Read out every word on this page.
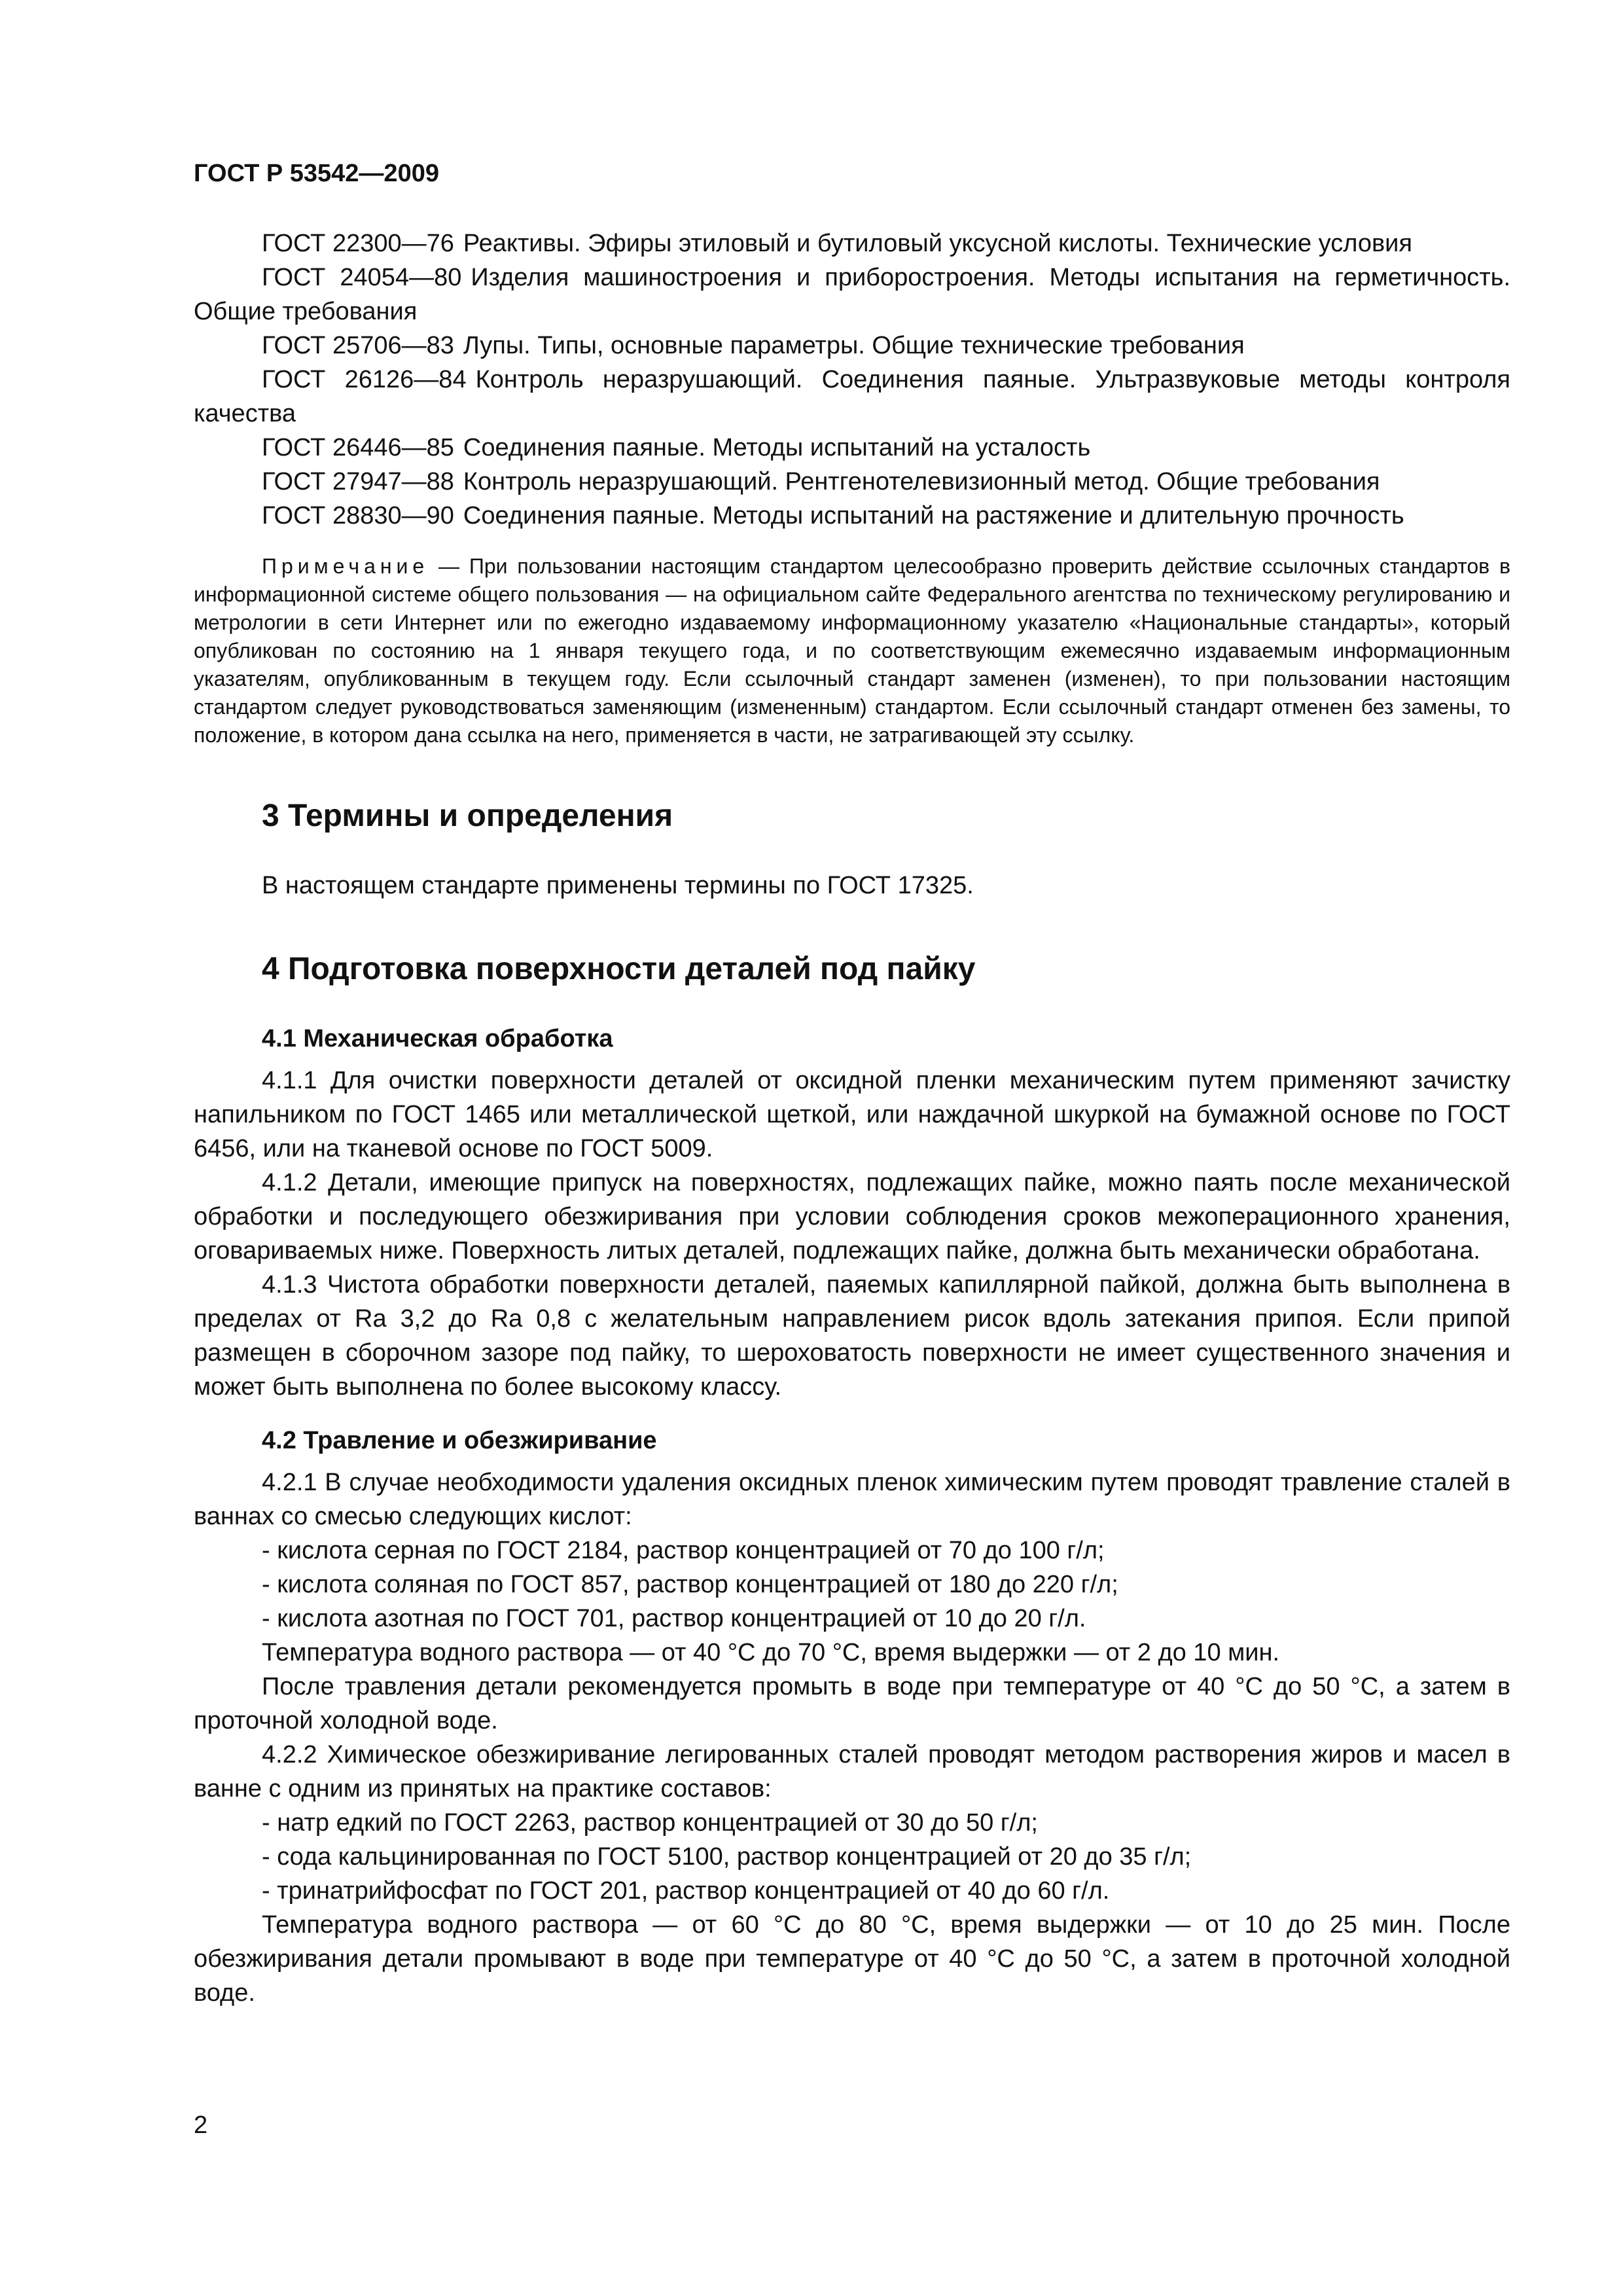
ГОСТ Р 53542—2009

ГОСТ 22300—76 Реактивы. Эфиры этиловый и бутиловый уксусной кислоты. Технические условия

ГОСТ 24054—80 Изделия машиностроения и приборостроения. Методы испытания на герметичность. Общие требования

ГОСТ 25706—83 Лупы. Типы, основные параметры. Общие технические требования

ГОСТ 26126—84 Контроль неразрушающий. Соединения паяные. Ультразвуковые методы контроля качества

ГОСТ 26446—85 Соединения паяные. Методы испытаний на усталость

ГОСТ 27947—88 Контроль неразрушающий. Рентгенотелевизионный метод. Общие требования

ГОСТ 28830—90 Соединения паяные. Методы испытаний на растяжение и длительную прочность

Примечание — При пользовании настоящим стандартом целесообразно проверить действие ссылочных стандартов в информационной системе общего пользования — на официальном сайте Федерального агентства по техническому регулированию и метрологии в сети Интернет или по ежегодно издаваемому информационному указателю «Национальные стандарты», который опубликован по состоянию на 1 января текущего года, и по соответствующим ежемесячно издаваемым информационным указателям, опубликованным в текущем году. Если ссылочный стандарт заменен (изменен), то при пользовании настоящим стандартом следует руководствоваться заменяющим (измененным) стандартом. Если ссылочный стандарт отменен без замены, то положение, в котором дана ссылка на него, применяется в части, не затрагивающей эту ссылку.

3 Термины и определения

В настоящем стандарте применены термины по ГОСТ 17325.

4 Подготовка поверхности деталей под пайку
4.1 Механическая обработка

4.1.1 Для очистки поверхности деталей от оксидной пленки механическим путем применяют зачистку напильником по ГОСТ 1465 или металлической щеткой, или наждачной шкуркой на бумажной основе по ГОСТ 6456, или на тканевой основе по ГОСТ 5009.

4.1.2 Детали, имеющие припуск на поверхностях, подлежащих пайке, можно паять после механической обработки и последующего обезжиривания при условии соблюдения сроков межоперационного хранения, оговариваемых ниже. Поверхность литых деталей, подлежащих пайке, должна быть механически обработана.

4.1.3 Чистота обработки поверхности деталей, паяемых капиллярной пайкой, должна быть выполнена в пределах от Ra 3,2 до Ra 0,8 с желательным направлением рисок вдоль затекания припоя. Если припой размещен в сборочном зазоре под пайку, то шероховатость поверхности не имеет существенного значения и может быть выполнена по более высокому классу.

4.2 Травление и обезжиривание

4.2.1 В случае необходимости удаления оксидных пленок химическим путем проводят травление сталей в ваннах со смесью следующих кислот:

- кислота серная по ГОСТ 2184, раствор концентрацией от 70 до 100 г/л;

- кислота соляная по ГОСТ 857, раствор концентрацией от 180 до 220 г/л;

- кислота азотная по ГОСТ 701, раствор концентрацией от 10 до 20 г/л.

Температура водного раствора — от 40 °С до 70 °С, время выдержки — от 2 до 10 мин.

После травления детали рекомендуется промыть в воде при температуре от 40 °С до 50 °С, а затем в проточной холодной воде.

4.2.2 Химическое обезжиривание легированных сталей проводят методом растворения жиров и масел в ванне с одним из принятых на практике составов:

- натр едкий по ГОСТ 2263, раствор концентрацией от 30 до 50 г/л;

- сода кальцинированная по ГОСТ 5100, раствор концентрацией от 20 до 35 г/л;

- тринатрийфосфат по ГОСТ 201, раствор концентрацией от 40 до 60 г/л.

Температура водного раствора — от 60 °С до 80 °С, время выдержки — от 10 до 25 мин. После обезжиривания детали промывают в воде при температуре от 40 °С до 50 °С, а затем в проточной холодной воде.

2
